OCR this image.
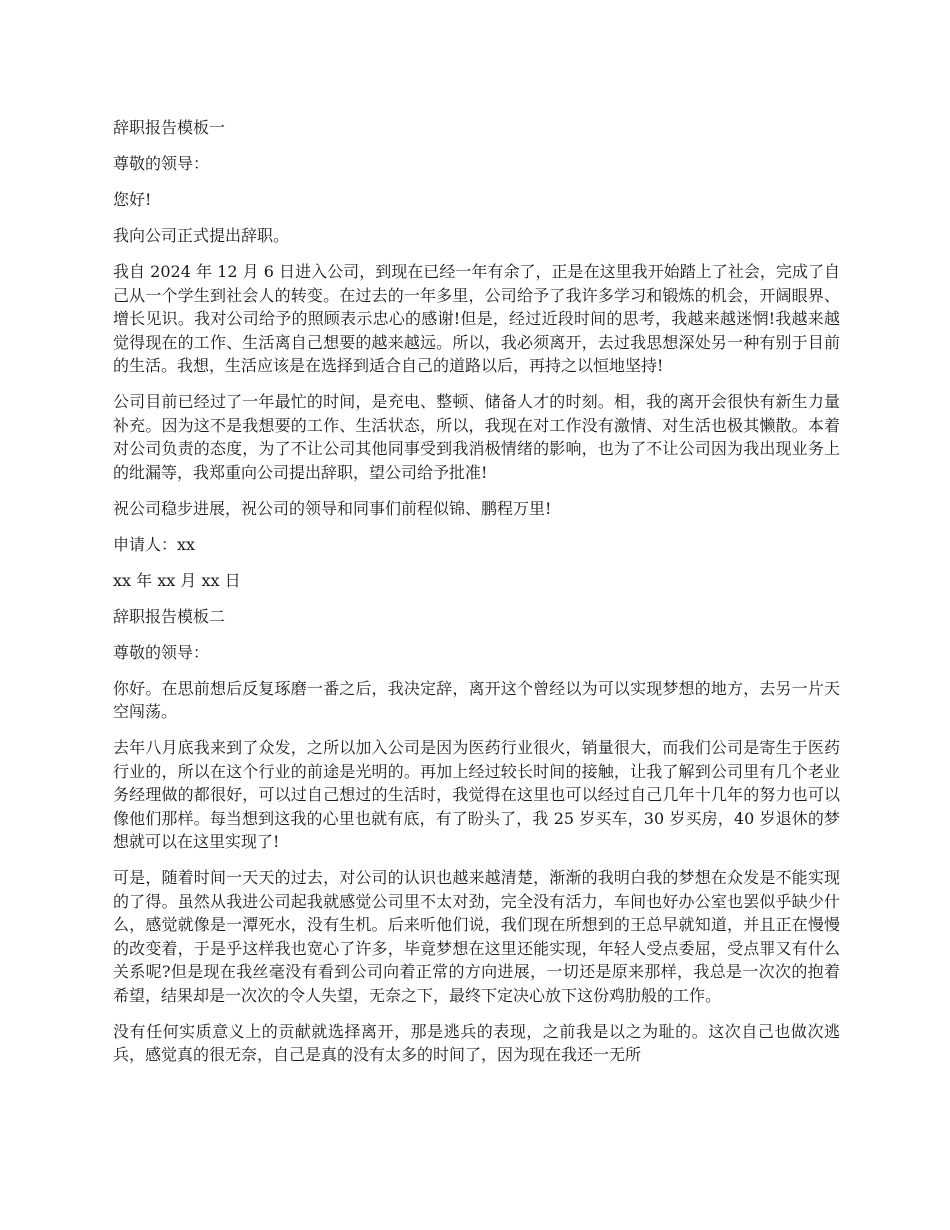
辞职报告模板一

尊敬的领导：

您好!

我向公司正式提出辞职。

我自 2024 年 12 月 6 日进入公司，到现在已经一年有余了，正是在这里我开始踏上了社会，完成了自己从一个学生到社会人的转变。在过去的一年多里，公司给予了我许多学习和锻炼的机会，开阔眼界、增长见识。我对公司给予的照顾表示忠心的感谢!但是，经过近段时间的思考，我越来越迷惘!我越来越觉得现在的工作、生活离自己想要的越来越远。所以，我必须离开，去过我思想深处另一种有别于目前的生活。我想，生活应该是在选择到适合自己的道路以后，再持之以恒地坚持!

公司目前已经过了一年最忙的时间，是充电、整顿、储备人才的时刻。相，我的离开会很快有新生力量补充。因为这不是我想要的工作、生活状态，所以，我现在对工作没有激情、对生活也极其懒散。本着对公司负责的态度，为了不让公司其他同事受到我消极情绪的影响，也为了不让公司因为我出现业务上的纰漏等，我郑重向公司提出辞职，望公司给予批准!

祝公司稳步进展，祝公司的领导和同事们前程似锦、鹏程万里!

申请人：xx

xx 年 xx 月 xx 日

辞职报告模板二

尊敬的领导：

你好。在思前想后反复琢磨一番之后，我决定辞，离开这个曾经以为可以实现梦想的地方，去另一片天空闯荡。

去年八月底我来到了众发，之所以加入公司是因为医药行业很火，销量很大，而我们公司是寄生于医药行业的，所以在这个行业的前途是光明的。再加上经过较长时间的接触，让我了解到公司里有几个老业务经理做的都很好，可以过自己想过的生活时，我觉得在这里也可以经过自己几年十几年的努力也可以像他们那样。每当想到这我的心里也就有底，有了盼头了，我 25 岁买车，30 岁买房，40 岁退休的梦想就可以在这里实现了!

可是，随着时间一天天的过去，对公司的认识也越来越清楚，渐渐的我明白我的梦想在众发是不能实现的了得。虽然从我进公司起我就感觉公司里不太对劲，完全没有活力，车间也好办公室也罢似乎缺少什么，感觉就像是一潭死水，没有生机。后来听他们说，我们现在所想到的王总早就知道，并且正在慢慢的改变着，于是乎这样我也宽心了许多，毕竟梦想在这里还能实现，年轻人受点委屈，受点罪又有什么关系呢?但是现在我丝毫没有看到公司向着正常的方向进展，一切还是原来那样，我总是一次次的抱着希望，结果却是一次次的令人失望，无奈之下，最终下定决心放下这份鸡肋般的工作。

没有任何实质意义上的贡献就选择离开，那是逃兵的表现，之前我是以之为耻的。这次自己也做次逃兵，感觉真的很无奈，自己是真的没有太多的时间了，因为现在我还一无所
